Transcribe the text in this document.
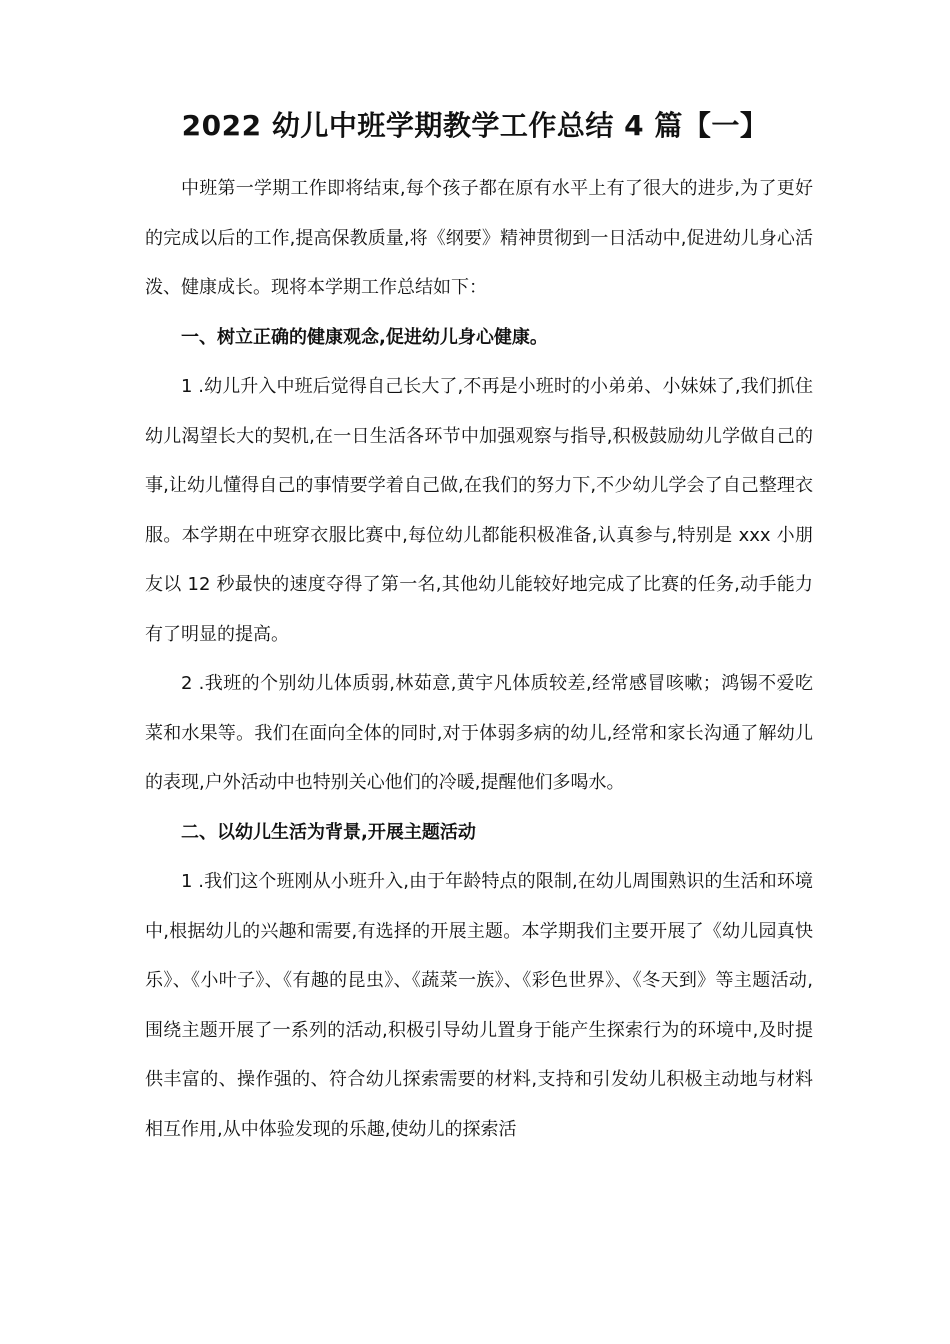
2022 幼儿中班学期教学工作总结 4 篇【一】

中班第一学期工作即将结束,每个孩子都在原有水平上有了很大的进步,为了更好的完成以后的工作,提高保教质量,将《纲要》精神贯彻到一日活动中,促进幼儿身心活泼、健康成长。现将本学期工作总结如下：

一、树立正确的健康观念,促进幼儿身心健康。

1 .幼儿升入中班后觉得自己长大了,不再是小班时的小弟弟、小妹妹了,我们抓住幼儿渴望长大的契机,在一日生活各环节中加强观察与指导,积极鼓励幼儿学做自己的事,让幼儿懂得自己的事情要学着自己做,在我们的努力下,不少幼儿学会了自己整理衣服。本学期在中班穿衣服比赛中,每位幼儿都能积极准备,认真参与,特别是 xxx 小朋友以 12 秒最快的速度夺得了第一名,其他幼儿能较好地完成了比赛的任务,动手能力有了明显的提高。

2 .我班的个别幼儿体质弱,林茹意,黄宇凡体质较差,经常感冒咳嗽；鸿锡不爱吃菜和水果等。我们在面向全体的同时,对于体弱多病的幼儿,经常和家长沟通了解幼儿的表现,户外活动中也特别关心他们的冷暖,提醒他们多喝水。

二、以幼儿生活为背景,开展主题活动

1 .我们这个班刚从小班升入,由于年龄特点的限制,在幼儿周围熟识的生活和环境中,根据幼儿的兴趣和需要,有选择的开展主题。本学期我们主要开展了《幼儿园真快乐》、《小叶子》、《有趣的昆虫》、《蔬菜一族》、《彩色世界》、《冬天到》等主题活动,围绕主题开展了一系列的活动,积极引导幼儿置身于能产生探索行为的环境中,及时提供丰富的、操作强的、符合幼儿探索需要的材料,支持和引发幼儿积极主动地与材料相互作用,从中体验发现的乐趣,使幼儿的探索活
